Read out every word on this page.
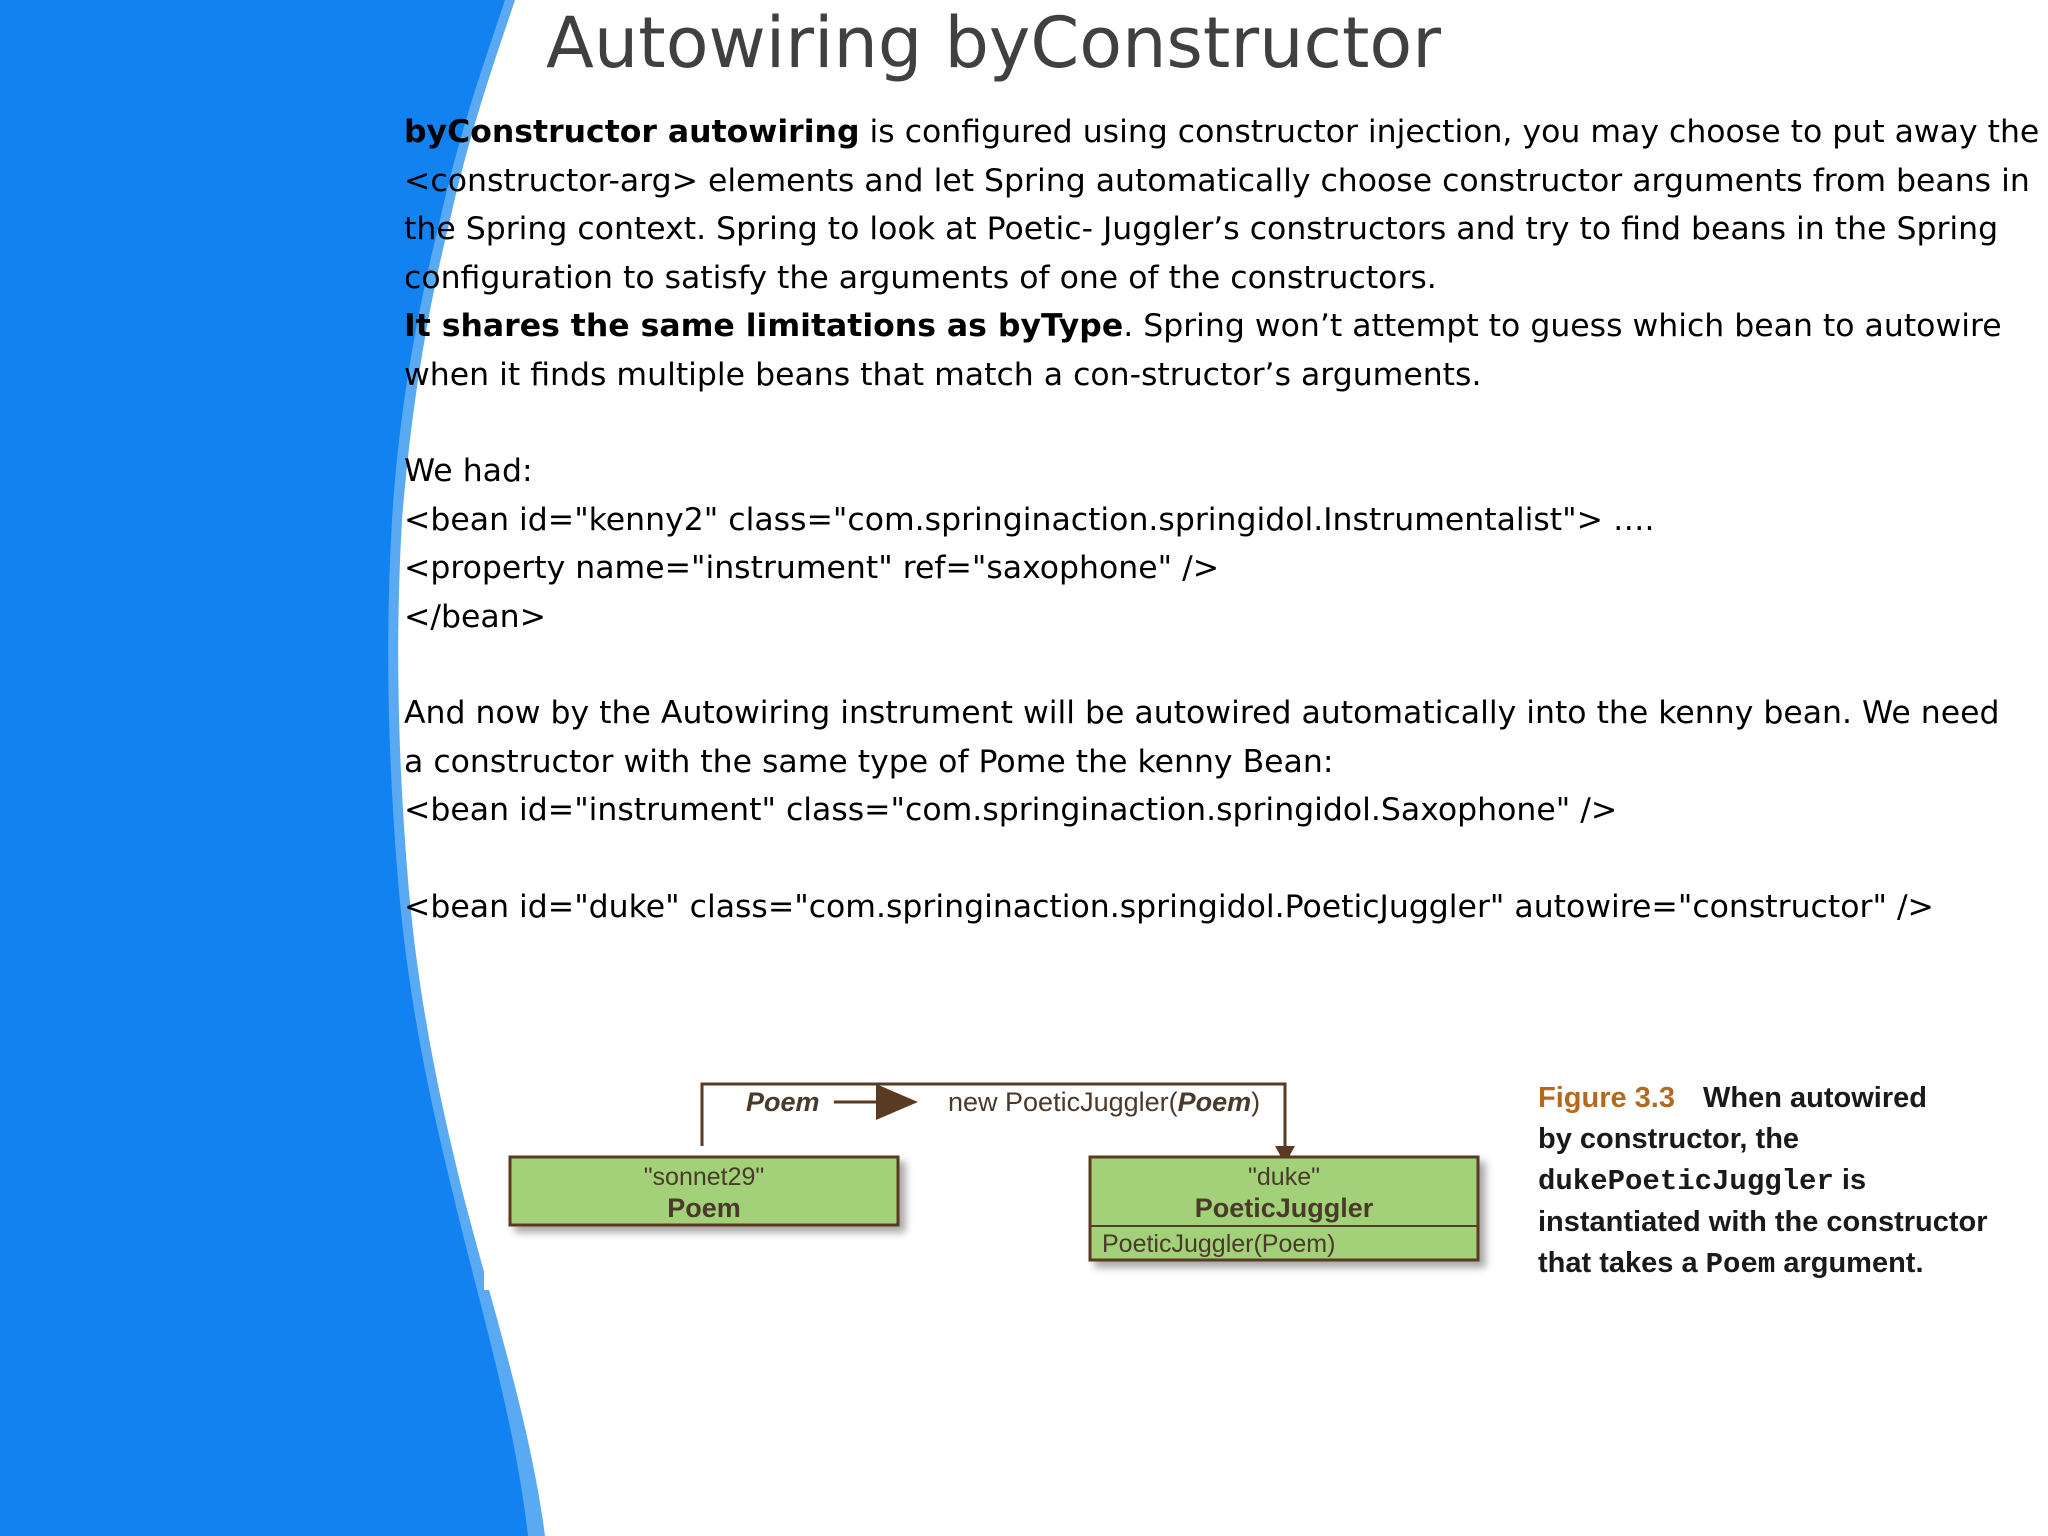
Autowiring byConstructor
byConstructor autowiring is configured using constructor injection, you may choose to put away the
<constructor-arg> elements and let Spring automatically choose constructor arguments from beans in
the Spring context. Spring to look at Poetic- Juggler’s constructors and try to find beans in the Spring
configuration to satisfy the arguments of one of the constructors.
It shares the same limitations as byType. Spring won’t attempt to guess which bean to autowire
when it finds multiple beans that match a con-structor’s arguments.
We had:
<bean id="kenny2" class="com.springinaction.springidol.Instrumentalist"> ….
<property name="instrument" ref="saxophone" />
</bean>
And now by the Autowiring instrument will be autowired automatically into the kenny bean. We need
a constructor with the same type of Pome the kenny Bean:
<bean id="instrument" class="com.springinaction.springidol.Saxophone" />
<bean id="duke" class="com.springinaction.springidol.PoeticJuggler" autowire="constructor" />
Poem	new PoeticJuggler(Poem)
"sonnet29"
Poem
"duke"
PoeticJuggler
PoeticJuggler(Poem)
Figure 3.3 When autowired
by constructor, the
dukePoeticJuggler is
instantiated with the constructor
that takes a Poem argument.
